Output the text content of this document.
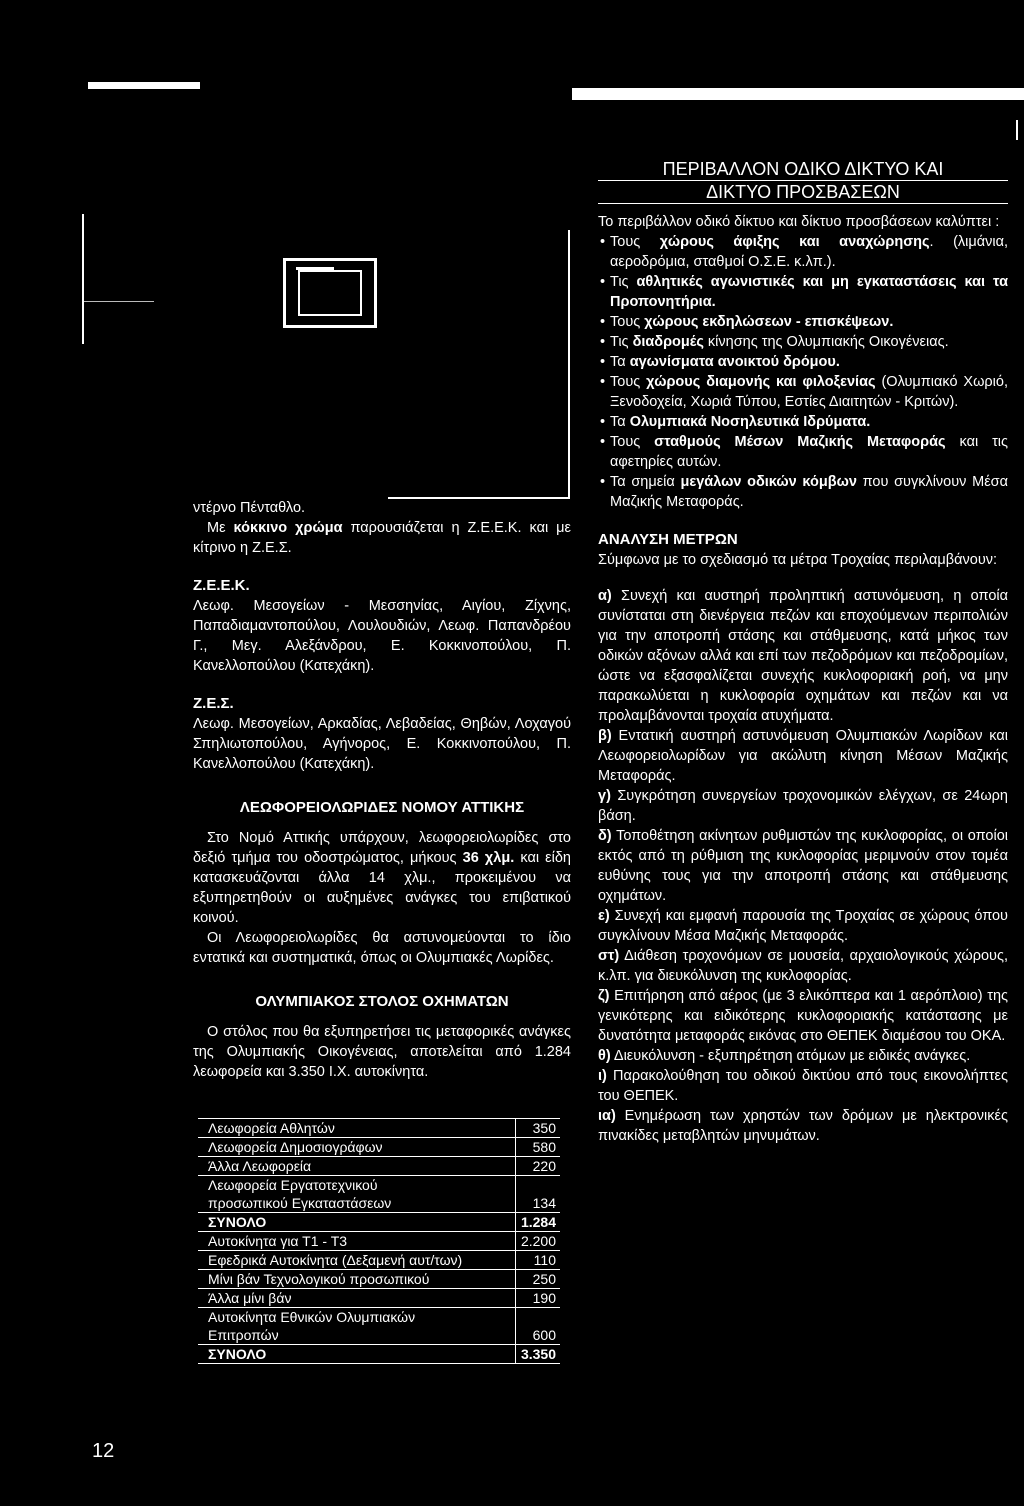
ντέρνο Πένταθλο.

Με κόκκινο χρώμα παρουσιάζεται η Ζ.Ε.Ε.Κ. και με κίτρινο η Ζ.Ε.Σ.

Ζ.Ε.Ε.Κ.

Λεωφ. Μεσογείων - Μεσσηνίας, Αιγίου, Ζίχνης, Παπαδιαμαντοπούλου, Λουλουδιών, Λεωφ. Παπανδρέου Γ., Μεγ. Αλεξάνδρου, Ε. Κοκκινοπούλου, Π. Κανελλοπούλου (Κατεχάκη).

Ζ.Ε.Σ.

Λεωφ. Μεσογείων, Αρκαδίας, Λεβαδείας, Θηβών, Λοχαγού Σπηλιωτοπούλου, Αγήνορος, Ε. Κοκκινοπούλου, Π. Κανελλοπούλου (Κατεχάκη).

ΛΕΩΦΟΡΕΙΟΛΩΡΙΔΕΣ ΝΟΜΟΥ ΑΤΤΙΚΗΣ

Στο Νομό Αττικής υπάρχουν, λεωφορειολωρίδες στο δεξιό τμήμα του οδοστρώματος, μήκους 36 χλμ. και είδη κατασκευάζονται άλλα 14 χλμ., προκειμένου να εξυπηρετηθούν οι αυξημένες ανάγκες του επιβατικού κοινού.

Οι Λεωφορειολωρίδες θα αστυνομεύονται το ίδιο εντατικά και συστηματικά, όπως οι Ολυμπιακές Λωρίδες.

ΟΛΥΜΠΙΑΚΟΣ ΣΤΟΛΟΣ ΟΧΗΜΑΤΩΝ

Ο στόλος που θα εξυπηρετήσει τις μεταφορικές ανάγκες της Ολυμπιακής Οικογένειας, αποτελείται από 1.284 λεωφορεία και 3.350 Ι.Χ. αυτοκίνητα.

Λεωφορεία Αθλητών	350
Λεωφορεία Δημοσιογράφων	580
Άλλα Λεωφορεία	220
Λεωφορεία Εργατοτεχνικού	
προσωπικού Εγκαταστάσεων	134
ΣΥΝΟΛΟ	1.284
Αυτοκίνητα για Τ1 - Τ3	2.200
Εφεδρικά Αυτοκίνητα (Δεξαμενή αυτ/των)	110
Μίνι βάν Τεχνολογικού προσωπικού	250
Άλλα μίνι βάν	190
Αυτοκίνητα Εθνικών Ολυμπιακών	
Επιτροπών	600
ΣΥΝΟΛΟ	3.350
ΠΕΡΙΒΑΛΛΟΝ ΟΔΙΚΟ ΔΙΚΤΥΟ ΚΑΙ
ΔΙΚΤΥΟ ΠΡΟΣΒΑΣΕΩΝ

Το περιβάλλον οδικό δίκτυο και δίκτυο προσβάσεων καλύπτει :

• Τους χώρους άφιξης και αναχώρησης. (λιμάνια, αεροδρόμια, σταθμοί Ο.Σ.Ε. κ.λπ.).

• Τις αθλητικές αγωνιστικές και μη εγκαταστάσεις και τα Προπονητήρια.

• Τους χώρους εκδηλώσεων - επισκέψεων.

• Τις διαδρομές κίνησης της Ολυμπιακής Οικογένειας.

• Τα αγωνίσματα ανοικτού δρόμου.

• Τους χώρους διαμονής και φιλοξενίας (Ολυμπιακό Χωριό, Ξενοδοχεία, Χωριά Τύπου, Εστίες Διαιτητών - Κριτών).

• Τα Ολυμπιακά Νοσηλευτικά Ιδρύματα.

• Τους σταθμούς Μέσων Μαζικής Μεταφοράς και τις αφετηρίες αυτών.

• Τα σημεία μεγάλων οδικών κόμβων που συγκλίνουν Μέσα Μαζικής Μεταφοράς.

ΑΝΑΛΥΣΗ ΜΕΤΡΩΝ

Σύμφωνα με το σχεδιασμό τα μέτρα Τροχαίας περιλαμβάνουν:

α) Συνεχή και αυστηρή προληπτική αστυνόμευση, η οποία συνίσταται στη διενέργεια πεζών και εποχούμενων περιπολιών για την αποτροπή στάσης και στάθμευσης, κατά μήκος των οδικών αξόνων αλλά και επί των πεζοδρόμων και πεζοδρομίων, ώστε να εξασφαλίζεται συνεχής κυκλοφοριακή ροή, να μην παρακωλύεται η κυκλοφορία οχημάτων και πεζών και να προλαμβάνονται τροχαία ατυχήματα.

β) Εντατική αυστηρή αστυνόμευση Ολυμπιακών Λωρίδων και Λεωφορειολωρίδων για ακώλυτη κίνηση Μέσων Μαζικής Μεταφοράς.

γ) Συγκρότηση συνεργείων τροχονομικών ελέγχων, σε 24ωρη βάση.

δ) Τοποθέτηση ακίνητων ρυθμιστών της κυκλοφορίας, οι οποίοι εκτός από τη ρύθμιση της κυκλοφορίας μεριμνούν στον τομέα ευθύνης τους για την αποτροπή στάσης και στάθμευσης οχημάτων.

ε) Συνεχή και εμφανή παρουσία της Τροχαίας σε χώρους όπου συγκλίνουν Μέσα Μαζικής Μεταφοράς.

στ) Διάθεση τροχονόμων σε μουσεία, αρχαιολογικούς χώρους, κ.λπ. για διευκόλυνση της κυκλοφορίας.

ζ) Επιτήρηση από αέρος (με 3 ελικόπτερα και 1 αερόπλοιο) της γενικότερης και ειδικότερης κυκλοφοριακής κατάστασης με δυνατότητα μεταφοράς εικόνας στο ΘΕΠΕΚ διαμέσου του ΟΚΑ.

θ) Διευκόλυνση - εξυπηρέτηση ατόμων με ειδικές ανάγκες.

ι) Παρακολούθηση του οδικού δικτύου από τους εικονολήπτες του ΘΕΠΕΚ.

ια) Ενημέρωση των χρηστών των δρόμων με ηλεκτρονικές πινακίδες μεταβλητών μηνυμάτων.

12
